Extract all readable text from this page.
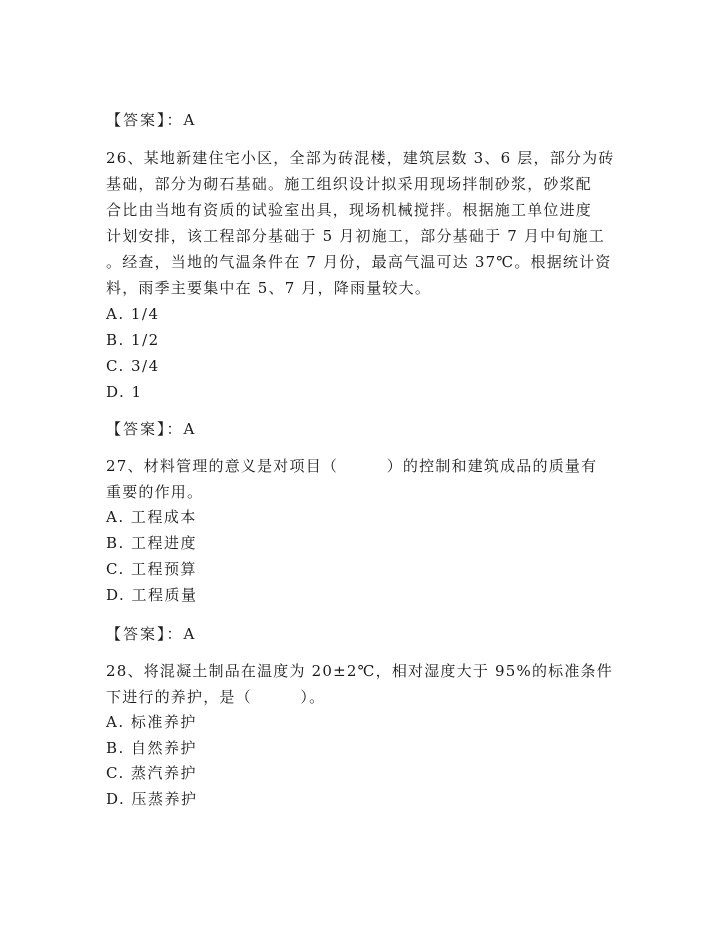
【答案】：A
26、某地新建住宅小区，全部为砖混楼，建筑层数 3、6 层，部分为砖
基础，部分为砌石基础。施工组织设计拟采用现场拌制砂浆，砂浆配
合比由当地有资质的试验室出具，现场机械搅拌。根据施工单位进度
计划安排，该工程部分基础于 5 月初施工，部分基础于 7 月中旬施工
。经查，当地的气温条件在 7 月份，最高气温可达 37℃。根据统计资
料，雨季主要集中在 5、7 月，降雨量较大。
A. 1/4
B. 1/2
C. 3/4
D. 1
【答案】：A
27、材料管理的意义是对项目（　　　）的控制和建筑成品的质量有
重要的作用。
A. 工程成本
B. 工程进度
C. 工程预算
D. 工程质量
【答案】：A
28、将混凝土制品在温度为 20±2℃，相对湿度大于 95%的标准条件
下进行的养护，是（　　　）。
A. 标准养护
B. 自然养护
C. 蒸汽养护
D. 压蒸养护
